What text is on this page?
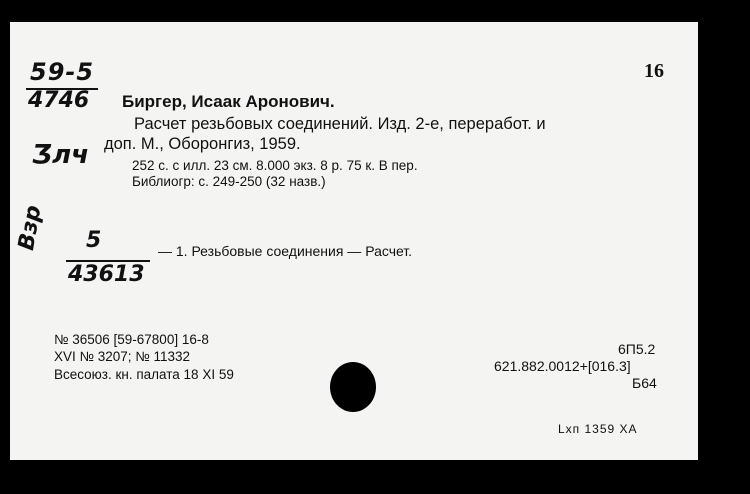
59-5
4746
16
Биргер, Исаак Аронович.
Расчет резьбовых соединений. Изд. 2-е, переработ. и
доп. М., Оборонгиз, 1959.
Ӡлч	252 с. с илл. 23 см. 8.000 экз. 8 р. 75 к. В пер.
Библиогр: с. 249-250 (32 назв.)
5
43613
Взр	— 1. Резьбовые соединения — Расчет.
№ 36506 [59-67800] 16-8
XVI № 3207; № 11332
Всесоюз. кн. палата 18 XI 59
6П5.2
621.882.0012+[016.3]
Б64
Lxп 1359 XA
